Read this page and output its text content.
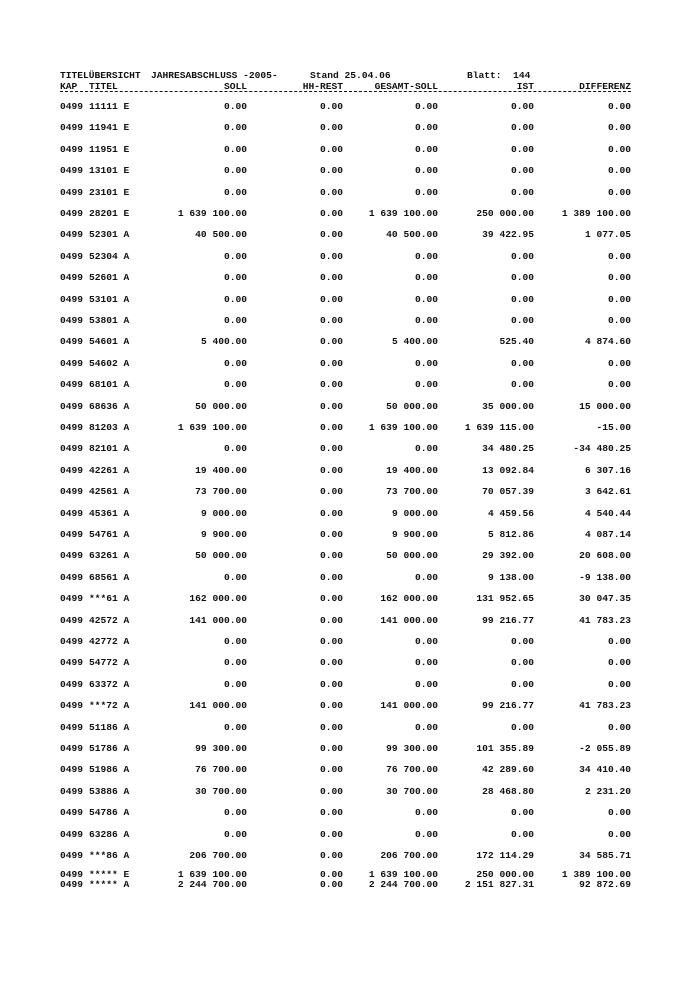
TITELÜBERSICHT JAHRESABSCHLUSS -2005-	Stand 25.04.06	Blatt:  144
KAP TITEL	SOLL	HH-REST	GESAMT-SOLL	IST	DIFFERENZ
0499 11111 E	0.00	0.00	0.00	0.00	0.00
0499 11941 E	0.00	0.00	0.00	0.00	0.00
0499 11951 E	0.00	0.00	0.00	0.00	0.00
0499 13101 E	0.00	0.00	0.00	0.00	0.00
0499 23101 E	0.00	0.00	0.00	0.00	0.00
0499 28201 E	1 639 100.00	0.00	1 639 100.00	250 000.00	1 389 100.00
0499 52301 A	40 500.00	0.00	40 500.00	39 422.95	1 077.05
0499 52304 A	0.00	0.00	0.00	0.00	0.00
0499 52601 A	0.00	0.00	0.00	0.00	0.00
0499 53101 A	0.00	0.00	0.00	0.00	0.00
0499 53801 A	0.00	0.00	0.00	0.00	0.00
0499 54601 A	5 400.00	0.00	5 400.00	525.40	4 874.60
0499 54602 A	0.00	0.00	0.00	0.00	0.00
0499 68101 A	0.00	0.00	0.00	0.00	0.00
0499 68636 A	50 000.00	0.00	50 000.00	35 000.00	15 000.00
0499 81203 A	1 639 100.00	0.00	1 639 100.00	1 639 115.00	-15.00
0499 82101 A	0.00	0.00	0.00	34 480.25	-34 480.25
0499 42261 A	19 400.00	0.00	19 400.00	13 092.84	6 307.16
0499 42561 A	73 700.00	0.00	73 700.00	70 057.39	3 642.61
0499 45361 A	9 000.00	0.00	9 000.00	4 459.56	4 540.44
0499 54761 A	9 900.00	0.00	9 900.00	5 812.86	4 087.14
0499 63261 A	50 000.00	0.00	50 000.00	29 392.00	20 608.00
0499 68561 A	0.00	0.00	0.00	9 138.00	-9 138.00
0499 ***61 A	162 000.00	0.00	162 000.00	131 952.65	30 047.35
0499 42572 A	141 000.00	0.00	141 000.00	99 216.77	41 783.23
0499 42772 A	0.00	0.00	0.00	0.00	0.00
0499 54772 A	0.00	0.00	0.00	0.00	0.00
0499 63372 A	0.00	0.00	0.00	0.00	0.00
0499 ***72 A	141 000.00	0.00	141 000.00	99 216.77	41 783.23
0499 51186 A	0.00	0.00	0.00	0.00	0.00
0499 51786 A	99 300.00	0.00	99 300.00	101 355.89	-2 055.89
0499 51986 A	76 700.00	0.00	76 700.00	42 289.60	34 410.40
0499 53886 A	30 700.00	0.00	30 700.00	28 468.80	2 231.20
0499 54786 A	0.00	0.00	0.00	0.00	0.00
0499 63286 A	0.00	0.00	0.00	0.00	0.00
0499 ***86 A	206 700.00	0.00	206 700.00	172 114.29	34 585.71
0499 ***** E	1 639 100.00	0.00	1 639 100.00	250 000.00	1 389 100.00
0499 ***** A	2 244 700.00	0.00	2 244 700.00	2 151 827.31	92 872.69
